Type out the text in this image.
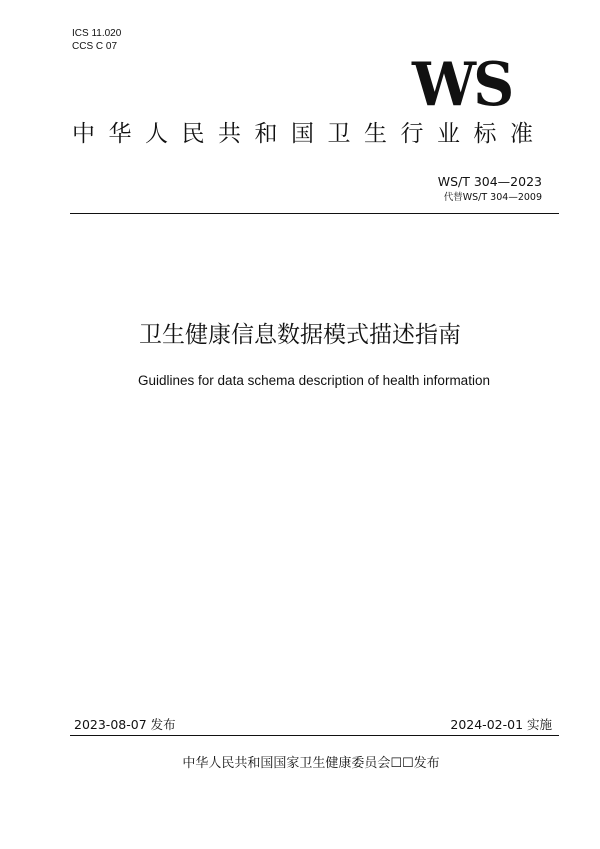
ICS 11.020
CCS C 07
WS
中华人民共和国卫生行业标准
WS/T 304—2023
代替WS/T 304—2009
卫生健康信息数据模式描述指南
Guidlines for data schema description of health information
2023-08-07 发布	2024-02-01 实施
中华人民共和国国家卫生健康委员会☐☐发布
